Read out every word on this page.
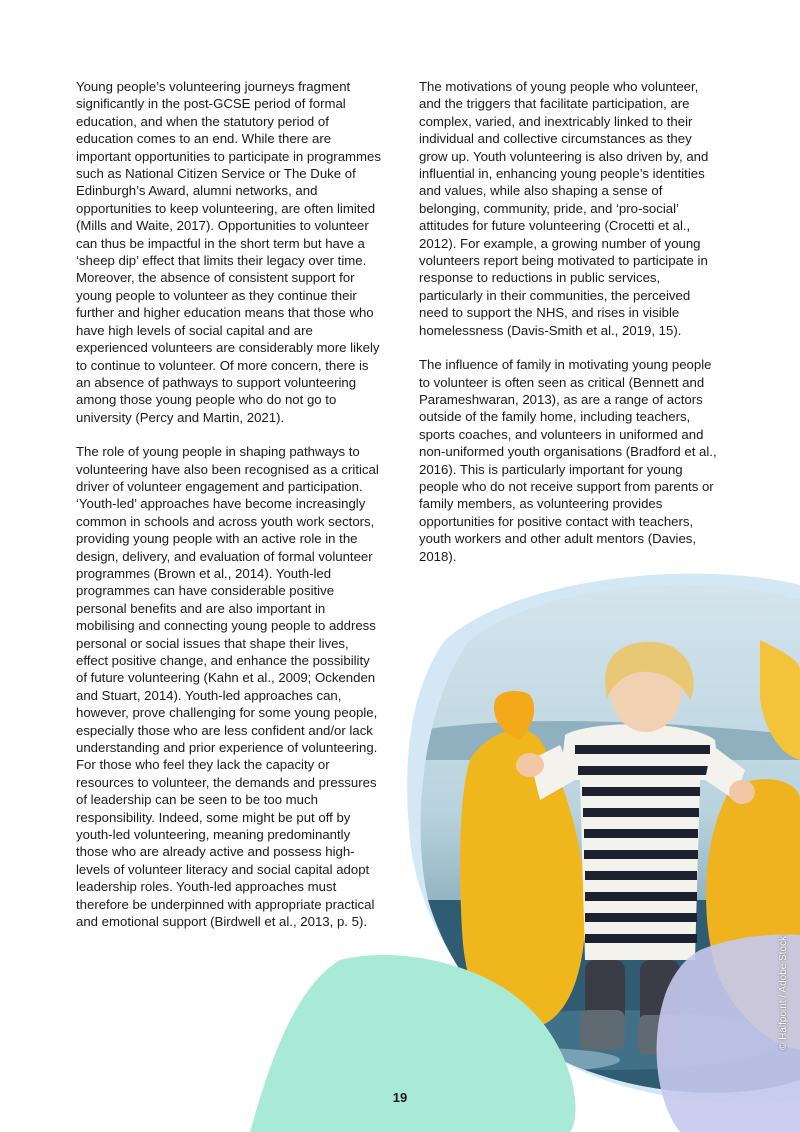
Young people’s volunteering journeys fragment significantly in the post-GCSE period of formal education, and when the statutory period of education comes to an end. While there are important opportunities to participate in programmes such as National Citizen Service or The Duke of Edinburgh’s Award, alumni networks, and opportunities to keep volunteering, are often limited (Mills and Waite, 2017). Opportunities to volunteer can thus be impactful in the short term but have a ‘sheep dip’ effect that limits their legacy over time. Moreover, the absence of consistent support for young people to volunteer as they continue their further and higher education means that those who have high levels of social capital and are experienced volunteers are considerably more likely to continue to volunteer. Of more concern, there is an absence of pathways to support volunteering among those young people who do not go to university (Percy and Martin, 2021).

The role of young people in shaping pathways to volunteering have also been recognised as a critical driver of volunteer engagement and participation. ‘Youth-led’ approaches have become increasingly common in schools and across youth work sectors, providing young people with an active role in the design, delivery, and evaluation of formal volunteer programmes (Brown et al., 2014). Youth-led programmes can have considerable positive personal benefits and are also important in mobilising and connecting young people to address personal or social issues that shape their lives, effect positive change, and enhance the possibility of future volunteering (Kahn et al., 2009; Ockenden and Stuart, 2014). Youth-led approaches can, however, prove challenging for some young people, especially those who are less confident and/or lack understanding and prior experience of volunteering. For those who feel they lack the capacity or resources to volunteer, the demands and pressures of leadership can be seen to be too much responsibility. Indeed, some might be put off by youth-led volunteering, meaning predominantly those who are already active and possess high-levels of volunteer literacy and social capital adopt leadership roles. Youth-led approaches must therefore be underpinned with appropriate practical and emotional support (Birdwell et al., 2013, p. 5).

The motivations of young people who volunteer, and the triggers that facilitate participation, are complex, varied, and inextricably linked to their individual and collective circumstances as they grow up. Youth volunteering is also driven by, and influential in, enhancing young people’s identities and values, while also shaping a sense of belonging, community, pride, and ‘pro-social’ attitudes for future volunteering (Crocetti et al., 2012). For example, a growing number of young volunteers report being motivated to participate in response to reductions in public services, particularly in their communities, the perceived need to support the NHS, and rises in visible homelessness (Davis-Smith et al., 2019, 15).

The influence of family in motivating young people to volunteer is often seen as critical (Bennett and Parameshwaran, 2013), as are a range of actors outside of the family home, including teachers, sports coaches, and volunteers in uniformed and non-uniformed youth organisations (Bradford et al., 2016). This is particularly important for young people who do not receive support from parents or family members, as volunteering provides opportunities for positive contact with teachers, youth workers and other adult mentors (Davies, 2018).

© Halfpoint / Adobe Stock
19
